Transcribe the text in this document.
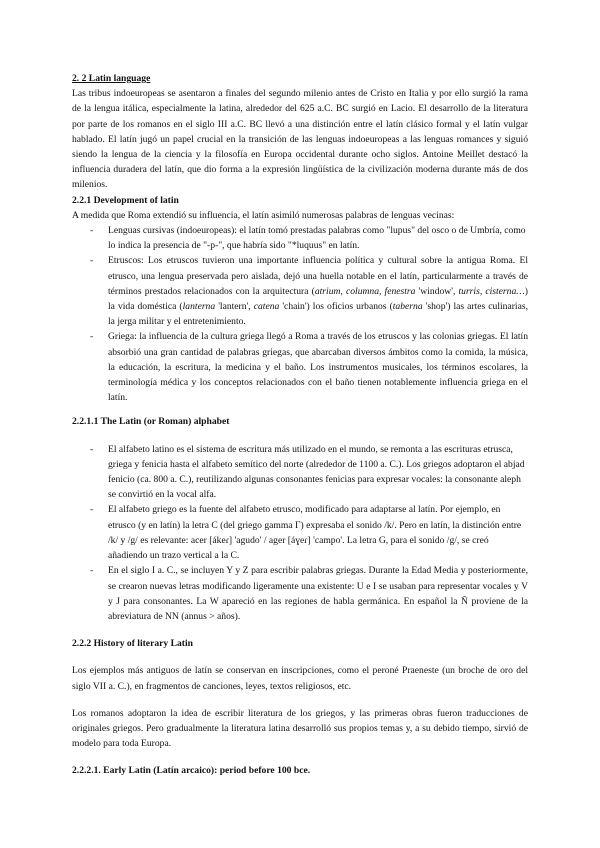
2. 2 Latin language

Las tribus indoeuropeas se asentaron a finales del segundo milenio antes de Cristo en Italia y por ello surgió la rama de la lengua itálica, especialmente la latina, alrededor del 625 a.C. BC surgió en Lacio. El desarrollo de la literatura por parte de los romanos en el siglo III a.C. BC llevó a una distinción entre el latín clásico formal y el latín vulgar hablado. El latín jugó un papel crucial en la transición de las lenguas indoeuropeas a las lenguas romances y siguió siendo la lengua de la ciencia y la filosofía en Europa occidental durante ocho siglos. Antoine Meillet destacó la influencia duradera del latín, que dio forma a la expresión lingüística de la civilización moderna durante más de dos milenios.

2.2.1 Development of latin

A medida que Roma extendió su influencia, el latín asimiló numerosas palabras de lenguas vecinas:

- Lenguas cursivas (indoeuropeas): el latín tomó prestadas palabras como "lupus" del osco o de Umbría, como lo indica la presencia de "-p-", que habría sido "*luquus" en latín.
- Etruscos: Los etruscos tuvieron una importante influencia política y cultural sobre la antigua Roma. El etrusco, una lengua preservada pero aislada, dejó una huella notable en el latín, particularmente a través de términos prestados relacionados con la arquitectura (atrium, columna, fenestra 'window', turris, cisterna…) la vida doméstica (lanterna 'lantern', catena 'chain') los oficios urbanos (taberna 'shop') las artes culinarias, la jerga militar y el entretenimiento.
- Griega: la influencia de la cultura griega llegó a Roma a través de los etruscos y las colonias griegas. El latín absorbió una gran cantidad de palabras griegas, que abarcaban diversos ámbitos como la comida, la música, la educación, la escritura, la medicina y el baño. Los instrumentos musicales, los términos escolares, la terminología médica y los conceptos relacionados con el baño tienen notablemente influencia griega en el latín.

2.2.1.1 The Latin (or Roman) alphabet

- El alfabeto latino es el sistema de escritura más utilizado en el mundo, se remonta a las escrituras etrusca, griega y fenicia hasta el alfabeto semítico del norte (alrededor de 1100 a. C.). Los griegos adoptaron el abjad fenicio (ca. 800 a. C.), reutilizando algunas consonantes fenicias para expresar vocales: la consonante aleph se convirtió en la vocal alfa.
- El alfabeto griego es la fuente del alfabeto etrusco, modificado para adaptarse al latín. Por ejemplo, en etrusco (y en latín) la letra C (del griego gamma Γ) expresaba el sonido /k/. Pero en latín, la distinción entre /k/ y /g/ es relevante: acer [ákeɾ] 'agudo' / ager [áɣeɾ] 'campo'. La letra G, para el sonido /g/, se creó añadiendo un trazo vertical a la C.
- En el siglo I a. C., se incluyen Y y Z para escribir palabras griegas. Durante la Edad Media y posteriormente, se crearon nuevas letras modificando ligeramente una existente: U e I se usaban para representar vocales y V y J para consonantes. La W apareció en las regiones de habla germánica. En español la Ñ proviene de la abreviatura de NN (annus > años).

2.2.2 History of literary Latin

Los ejemplos más antiguos de latín se conservan en inscripciones, como el peroné Praeneste (un broche de oro del siglo VII a. C.), en fragmentos de canciones, leyes, textos religiosos, etc.

Los romanos adoptaron la idea de escribir literatura de los griegos, y las primeras obras fueron traducciones de originales griegos. Pero gradualmente la literatura latina desarrolló sus propios temas y, a su debido tiempo, sirvió de modelo para toda Europa.

2.2.2.1. Early Latin (Latín arcaico): period before 100 bce.
